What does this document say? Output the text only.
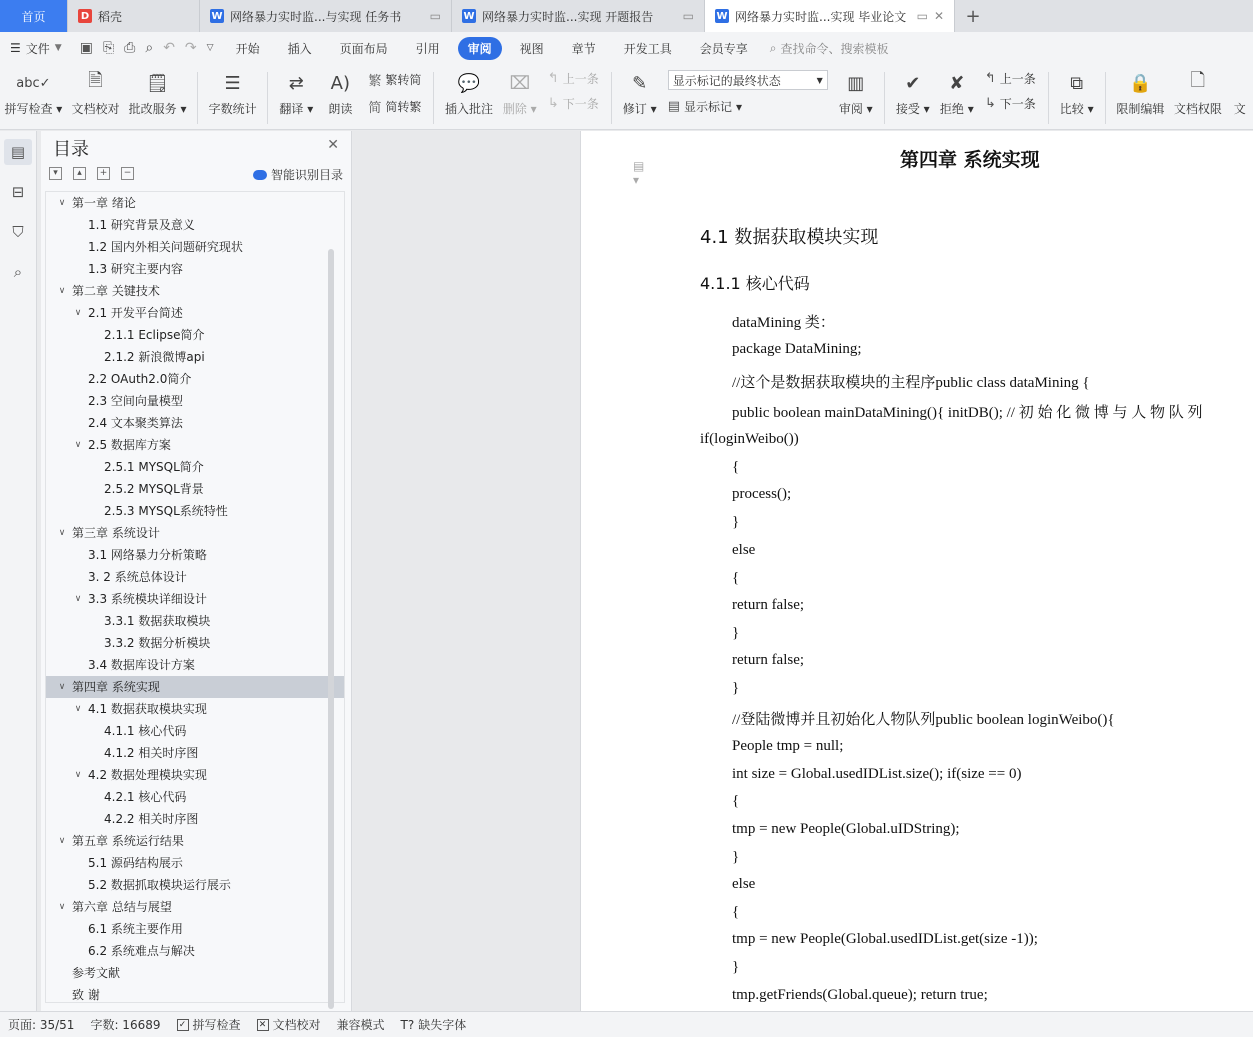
首页	D 稻壳	W 网络暴力实时监...与实现 任务书	▭ W 网络暴力实时监...实现 开题报告	▭ W 网络暴力实时监...实现 毕业论文 ▭ ✕	+
☰ 文件 ▼ ▣ ⎘ ⎙ ⌕ ↶ ↷ ▽	开始	插入	页面布局	引用	审阅	视图	章节	开发工具	会员专享	⌕ 查找命令、搜索模板
abc✓
拼写检查 ▾
🗎
文档校对
🗒
批改服务 ▾
☰
字数统计
⇄
翻译 ▾
A)
朗读
繁 繁转简
简 简转繁
💬
插入批注
⌧
删除 ▾
↰ 上一条
↳ 下一条
✎
修订 ▾
显示标记的最终状态	▼
▤ 显示标记 ▾
▥
审阅 ▾
✔
接受 ▾
✘
拒绝 ▾
↰ 上一条
↳ 下一条
⧉
比较 ▾
🔒
限制编辑
🗋
文档权限 文
▤
⊟
⛉
⌕
目录	✕
▾	▴	+	−	智能识别目录
∨ 第一章 绪论
1.1 研究背景及意义
1.2 国内外相关问题研究现状
1.3 研究主要内容
∨ 第二章 关键技术
∨ 2.1 开发平台简述
2.1.1 Eclipse简介
2.1.2 新浪微博api
2.2 OAuth2.0简介
2.3 空间向量模型
2.4 文本聚类算法
∨ 2.5 数据库方案
2.5.1 MYSQL简介
2.5.2 MYSQL背景
2.5.3 MYSQL系统特性
∨ 第三章 系统设计
3.1 网络暴力分析策略
3. 2 系统总体设计
∨ 3.3 系统模块详细设计
3.3.1 数据获取模块
3.3.2 数据分析模块
3.4 数据库设计方案
∨ 第四章 系统实现
∨ 4.1 数据获取模块实现
4.1.1 核心代码
4.1.2 相关时序图
∨ 4.2 数据处理模块实现
4.2.1 核心代码
4.2.2 相关时序图
∨ 第五章 系统运行结果
5.1 源码结构展示
5.2 数据抓取模块运行展示
∨ 第六章 总结与展望
6.1 系统主要作用
6.2 系统难点与解决
参考文献
致 谢
▤ ▾
第四章 系统实现
4.1 数据获取模块实现
4.1.1 核心代码
dataMining 类：
package DataMining;
//这个是数据获取模块的主程序public class dataMining {
public boolean mainDataMining(){ initDB(); // 初 始 化 微 博 与 人 物 队 列
if(loginWeibo())
{
process();
}
else
{
return false;
}
return false;
}
//登陆微博并且初始化人物队列public boolean loginWeibo(){
People tmp = null;
int size = Global.usedIDList.size(); if(size == 0)
{
tmp = new People(Global.uIDString);
}
else
{
tmp = new People(Global.usedIDList.get(size -1));
}
tmp.getFriends(Global.queue); return true;
页面: 35/51 字数: 16689 ✓ 拼写检查 ✕ 文档校对 兼容模式 T? 缺失字体
